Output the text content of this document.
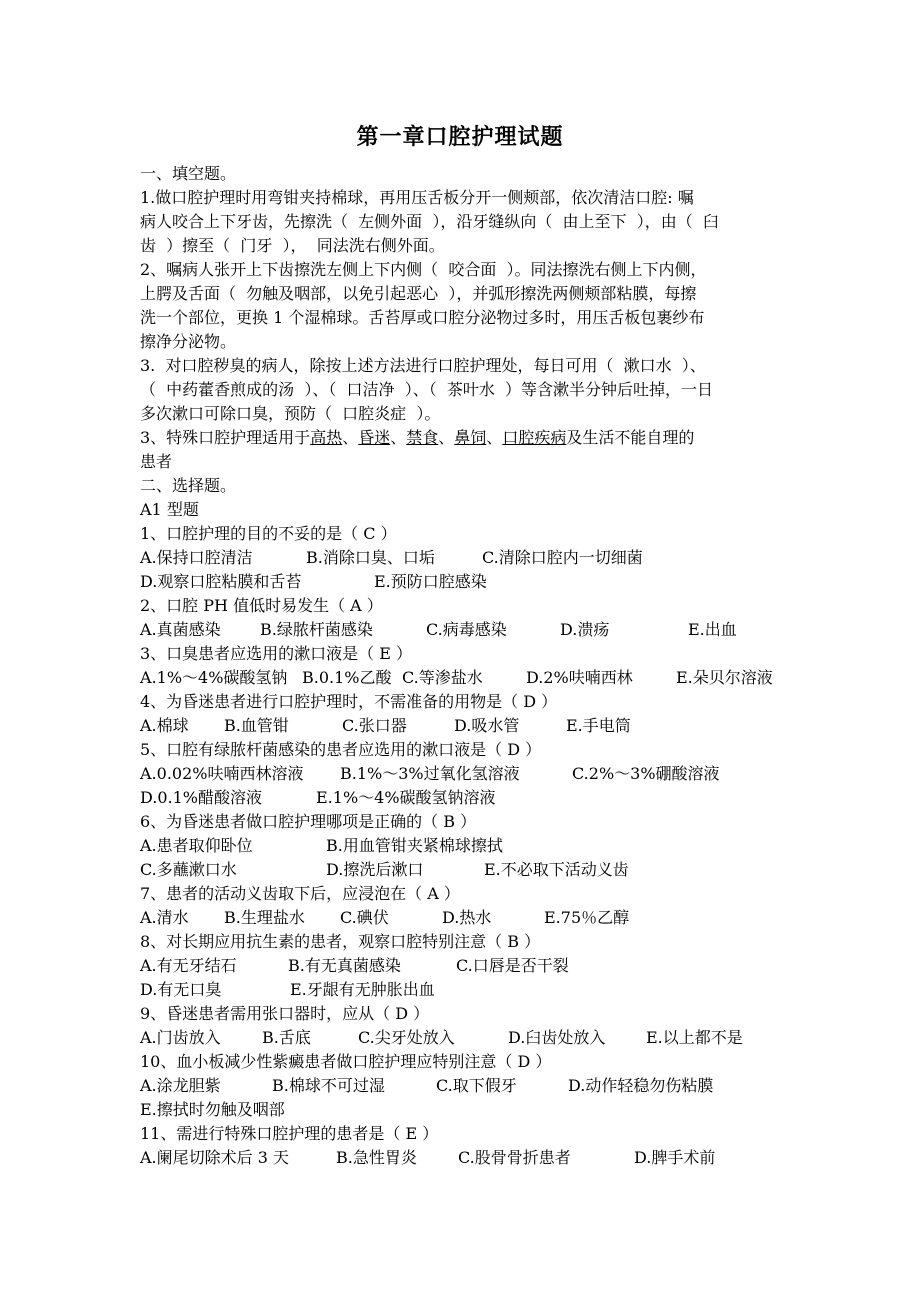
第一章口腔护理试题
一、填空题。
1.做口腔护理时用弯钳夹持棉球，再用压舌板分开一侧颊部，依次清洁口腔: 嘱
病人咬合上下牙齿，先擦洗（  左侧外面  ），沿牙缝纵向（  由上至下  ），由（  臼
齿  ）擦至（  门牙  ），  同法洗右侧外面。
2、嘱病人张开上下齿擦洗左侧上下内侧（  咬合面  ）。同法擦洗右侧上下内侧，
上腭及舌面（  勿触及咽部，以免引起恶心  ），并弧形擦洗两侧颊部粘膜，每擦
洗一个部位，更换 1 个湿棉球。舌苔厚或口腔分泌物过多时，用压舌板包裹纱布
擦净分泌物。
3.  对口腔秽臭的病人，除按上述方法进行口腔护理处，每日可用（  漱口水  ）、
（  中药藿香煎成的汤  ）、（  口洁净  ）、（  茶叶水  ）等含漱半分钟后吐掉，一日
多次漱口可除口臭，预防（  口腔炎症  ）。
3、特殊口腔护理适用于高热、昏迷、禁食、鼻饲、口腔疾病及生活不能自理的
患者
二、选择题。
A1 型题
1、口腔护理的目的不妥的是（ C ）
A.保持口腔清洁	B.消除口臭、口垢	C.清除口腔内一切细菌
D.观察口腔粘膜和舌苔	E.预防口腔感染
2、口腔 PH 值低时易发生（ A ）
A.真菌感染	B.绿脓杆菌感染	C.病毒感染	D.溃疡	E.出血
3、口臭患者应选用的漱口液是（ E ）
A.1%～4%碳酸氢钠 B.0.1%乙酸 C.等渗盐水	D.2%呋喃西林	E.朵贝尔溶液
4、为昏迷患者进行口腔护理时，不需准备的用物是（ D ）
A.棉球	B.血管钳	C.张口器	D.吸水管	E.手电筒
5、口腔有绿脓杆菌感染的患者应选用的漱口液是（ D ）
A.0.02%呋喃西林溶液	B.1%～3%过氧化氢溶液	C.2%～3%硼酸溶液
D.0.1%醋酸溶液	E.1%～4%碳酸氢钠溶液
6、为昏迷患者做口腔护理哪项是正确的（ B ）
A.患者取仰卧位	B.用血管钳夹紧棉球擦拭
C.多蘸漱口水	D.擦洗后漱口	E.不必取下活动义齿
7、患者的活动义齿取下后，应浸泡在（ A ）
A.清水	B.生理盐水	C.碘伏	D.热水	E.75％乙醇
8、对长期应用抗生素的患者，观察口腔特别注意（ B ）
A.有无牙结石	B.有无真菌感染	C.口唇是否干裂
D.有无口臭	E.牙龈有无肿胀出血
9、昏迷患者需用张口器时，应从（ D ）
A.门齿放入	B.舌底	C.尖牙处放入	D.臼齿处放入	E.以上都不是
10、血小板减少性紫癜患者做口腔护理应特别注意（ D ）
A.涂龙胆紫	B.棉球不可过湿	C.取下假牙	D.动作轻稳勿伤粘膜
E.擦拭时勿触及咽部
11、需进行特殊口腔护理的患者是（ E ）
A.阑尾切除术后 3 天	B.急性胃炎	C.股骨骨折患者	D.脾手术前
